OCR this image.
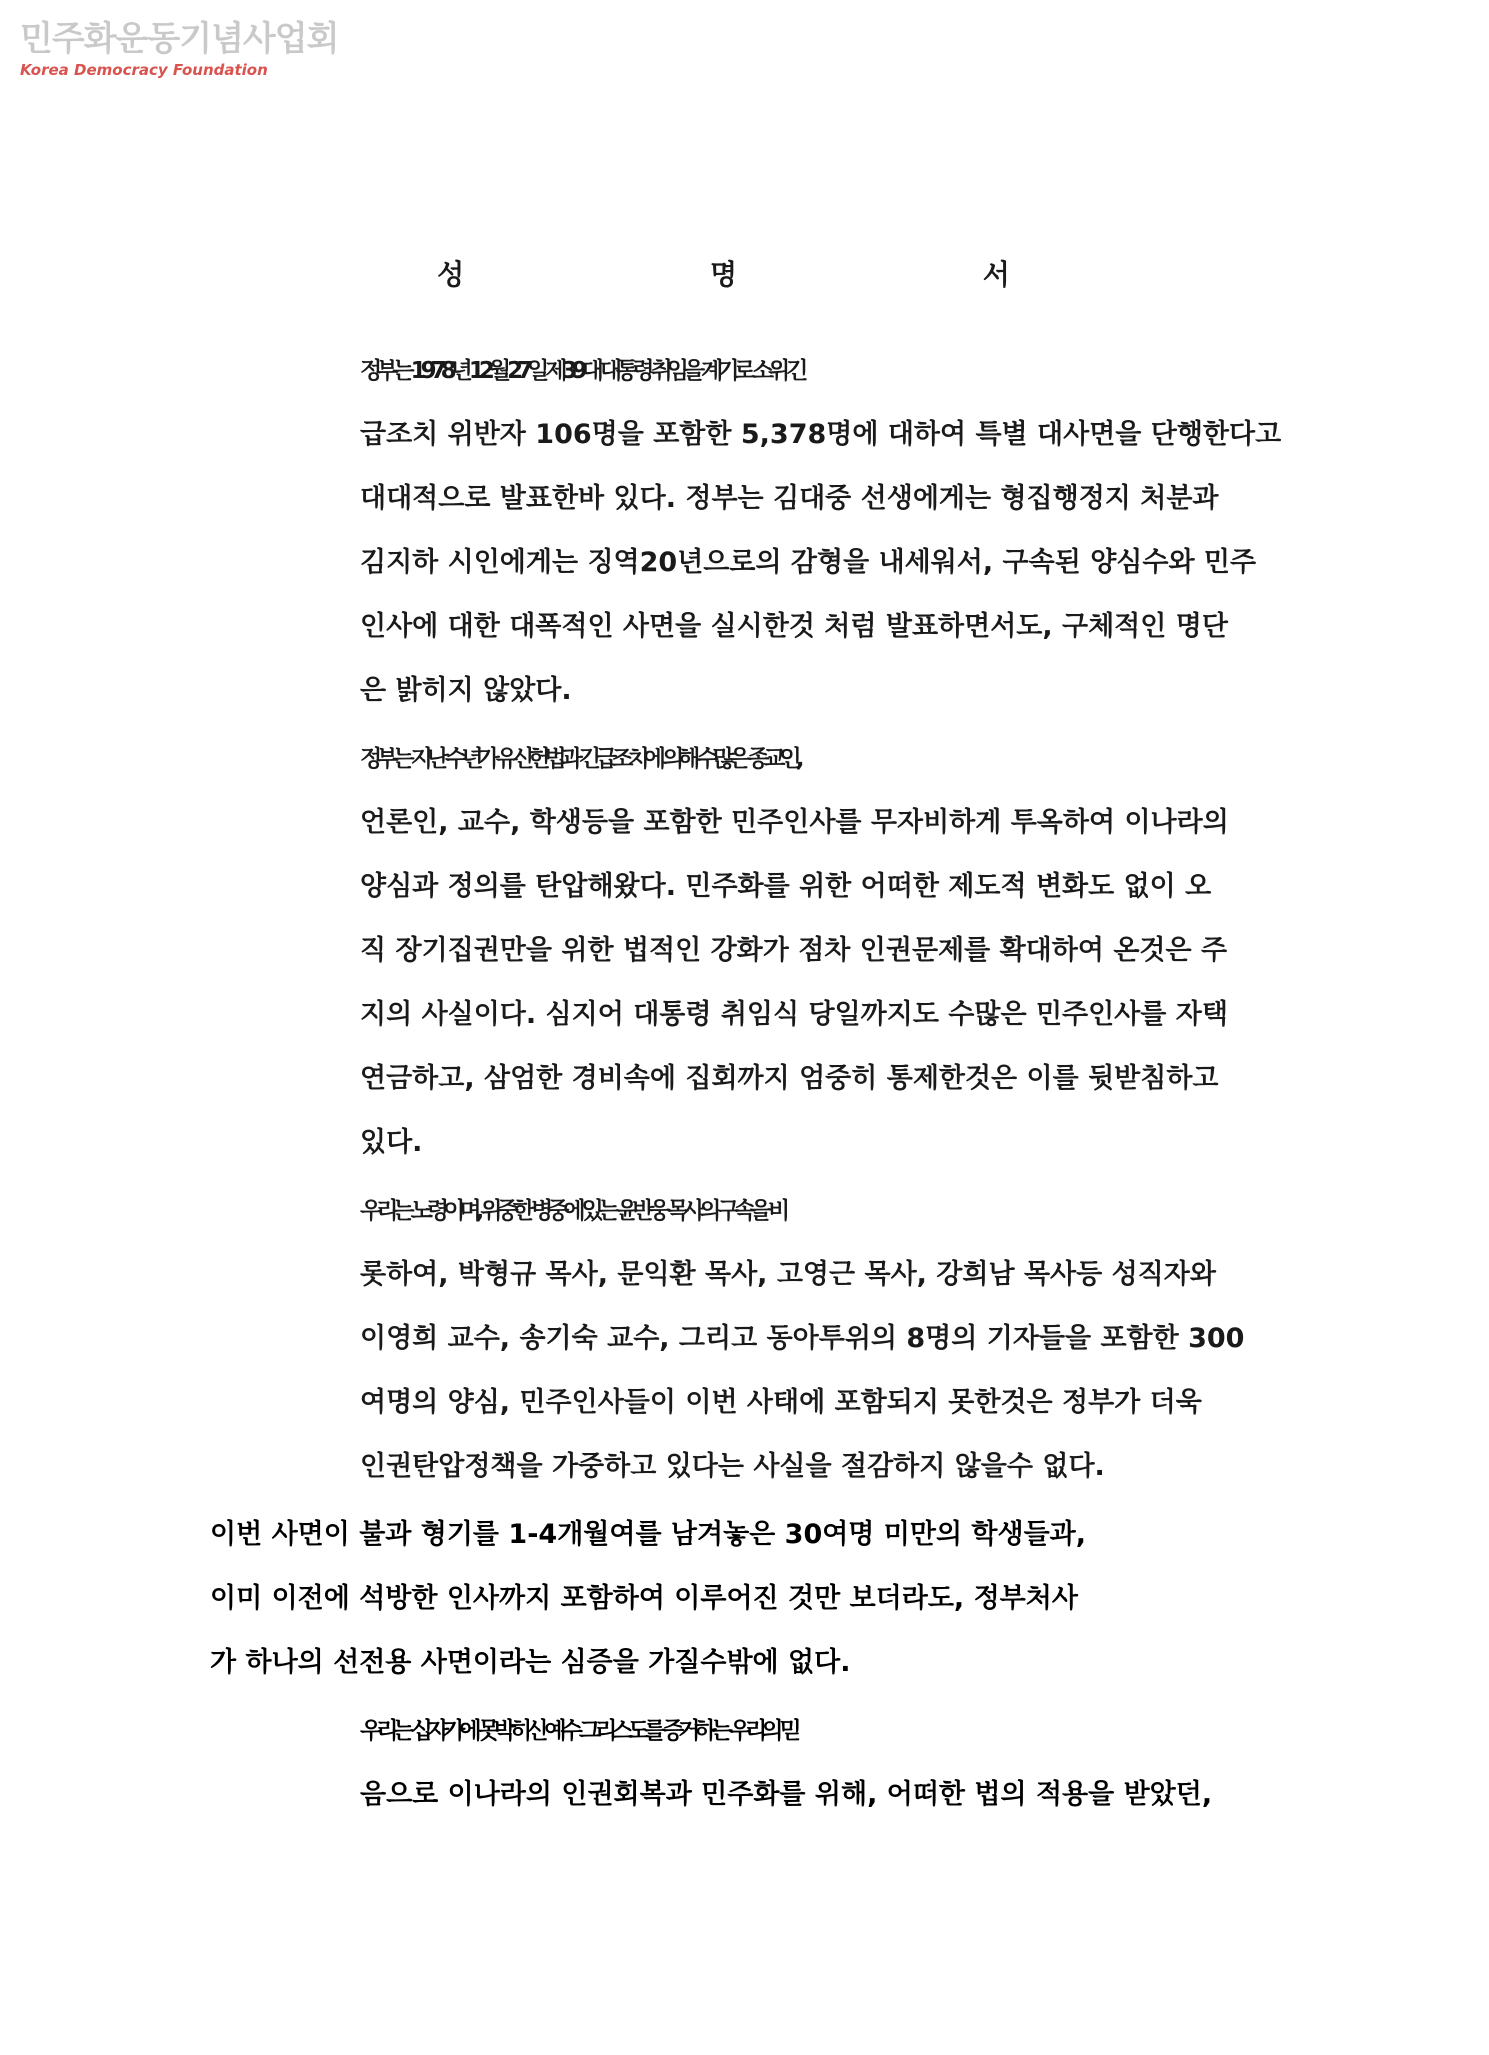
민주화운동기념사업회
Korea Democracy Foundation
성 명 서
정부는 1978년 12월 27일 제39대 대통령 취임을 계기로 소위 긴
급조치 위반자 106명을 포함한 5,378명에 대하여 특별 대사면을 단행한다고
대대적으로 발표한바 있다. 정부는 김대중 선생에게는 형집행정지 처분과
김지하 시인에게는 징역20년으로의 감형을 내세워서, 구속된 양심수와 민주
인사에 대한 대폭적인 사면을 실시한것 처럼 발표하면서도, 구체적인 명단
은 밝히지 않았다.
정부는 지난 수년가 유신헌법과 긴급조치에 의해 수많은 종교인,
언론인, 교수, 학생등을 포함한 민주인사를 무자비하게 투옥하여 이나라의
양심과 정의를 탄압해왔다. 민주화를 위한 어떠한 제도적 변화도 없이 오
직 장기집권만을 위한 법적인 강화가 점차 인권문제를 확대하여 온것은 주
지의 사실이다. 심지어 대통령 취임식 당일까지도 수많은 민주인사를 자택
연금하고, 삼엄한 경비속에 집회까지 엄중히 통제한것은 이를 뒷받침하고
있다.
우리는 노령이며, 위중한 병중에 있는 윤반웅 목사의 구속을 비
롯하여, 박형규 목사, 문익환 목사, 고영근 목사, 강희남 목사등 성직자와
이영희 교수, 송기숙 교수, 그리고 동아투위의 8명의 기자들을 포함한 300
여명의 양심, 민주인사들이 이번 사태에 포함되지 못한것은 정부가 더욱
인권탄압정책을 가중하고 있다는 사실을 절감하지 않을수 없다.
이번 사면이 불과 형기를 1-4개월여를 남겨놓은 30여명 미만의 학생들과,
이미 이전에 석방한 인사까지 포함하여 이루어진 것만 보더라도, 정부처사
가 하나의 선전용 사면이라는 심증을 가질수밖에 없다.
우리는 십자가에 못박히신 예수 그리스도를 증거하는 우리의 믿
음으로 이나라의 인권회복과 민주화를 위해, 어떠한 법의 적용을 받았던,
